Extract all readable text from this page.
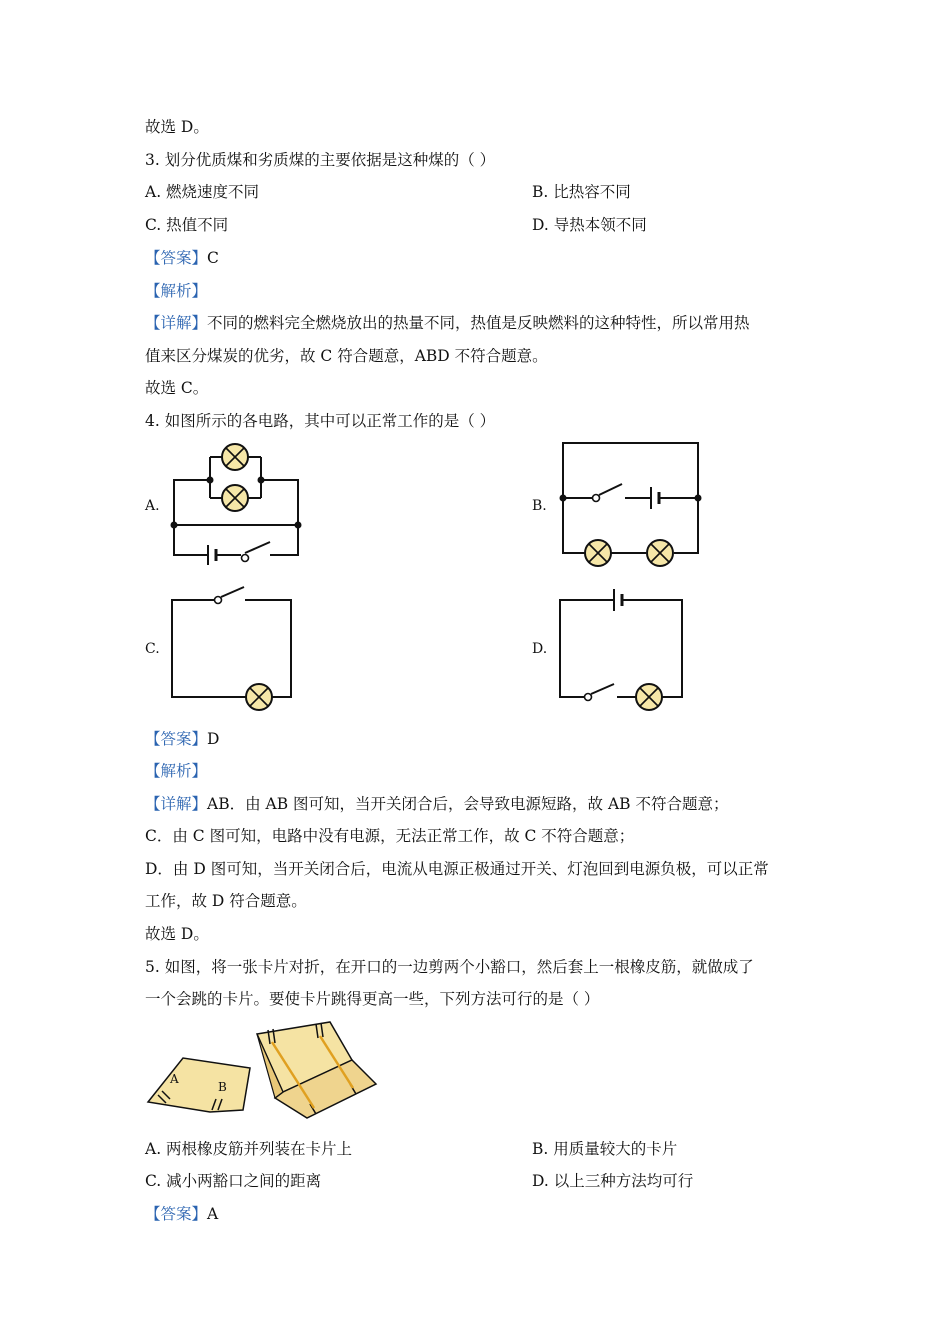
故选 D。
3. 划分优质煤和劣质煤的主要依据是这种煤的（ ）
A. 燃烧速度不同	B. 比热容不同
C. 热值不同	D. 导热本领不同
【答案】C
【解析】
【详解】不同的燃料完全燃烧放出的热量不同，热值是反映燃料的这种特性，所以常用热
值来区分煤炭的优劣，故 C 符合题意，ABD 不符合题意。
故选 C。
4. 如图所示的各电路，其中可以正常工作的是（ ）
A.	B.
C.	D.
【答案】D
【解析】
【详解】AB．由 AB 图可知，当开关闭合后，会导致电源短路，故 AB 不符合题意；
C．由 C 图可知，电路中没有电源，无法正常工作，故 C 不符合题意；
D．由 D 图可知，当开关闭合后，电流从电源正极通过开关、灯泡回到电源负极，可以正常
工作，故 D 符合题意。
故选 D。
5. 如图，将一张卡片对折，在开口的一边剪两个小豁口，然后套上一根橡皮筋，就做成了
一个会跳的卡片。要使卡片跳得更高一些，下列方法可行的是（ ）
A
B
A. 两根橡皮筋并列装在卡片上	B. 用质量较大的卡片
C. 减小两豁口之间的距离	D. 以上三种方法均可行
【答案】A
